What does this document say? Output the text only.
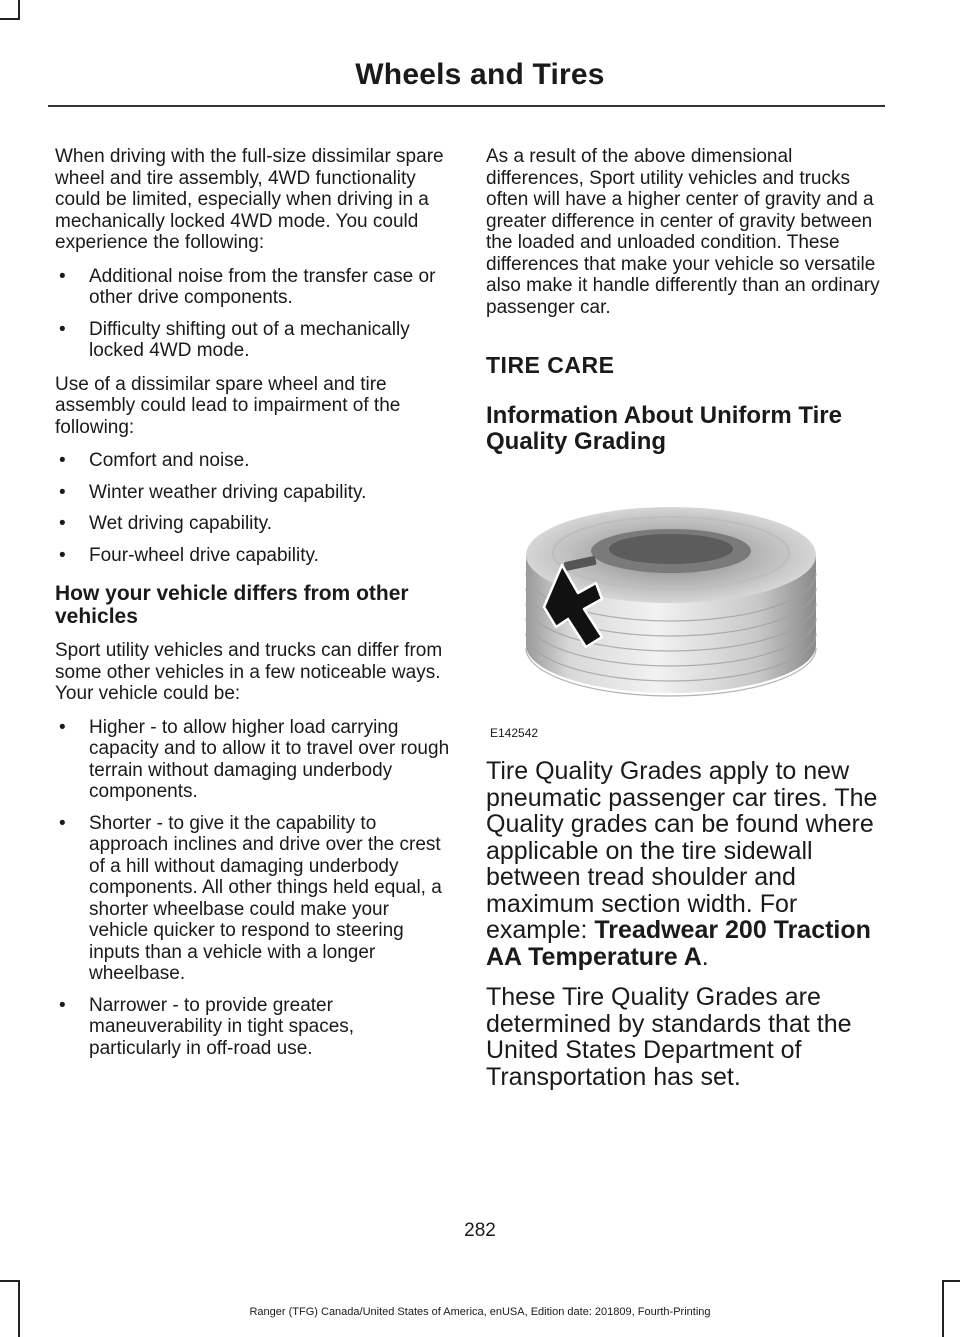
Wheels and Tires

When driving with the full-size dissimilar spare wheel and tire assembly, 4WD functionality could be limited, especially when driving in a mechanically locked 4WD mode. You could experience the following:

• Additional noise from the transfer case or other drive components.
• Difficulty shifting out of a mechanically locked 4WD mode.

Use of a dissimilar spare wheel and tire assembly could lead to impairment of the following:

• Comfort and noise.
• Winter weather driving capability.
• Wet driving capability.
• Four-wheel drive capability.
How your vehicle differs from other vehicles

Sport utility vehicles and trucks can differ from some other vehicles in a few noticeable ways. Your vehicle could be:

• Higher - to allow higher load carrying capacity and to allow it to travel over rough terrain without damaging underbody components.
• Shorter - to give it the capability to approach inclines and drive over the crest of a hill without damaging underbody components. All other things held equal, a shorter wheelbase could make your vehicle quicker to respond to steering inputs than a vehicle with a longer wheelbase.
• Narrower - to provide greater maneuverability in tight spaces, particularly in off-road use.

As a result of the above dimensional differences, Sport utility vehicles and trucks often will have a higher center of gravity and a greater difference in center of gravity between the loaded and unloaded condition. These differences that make your vehicle so versatile also make it handle differently than an ordinary passenger car.

TIRE CARE
Information About Uniform Tire Quality Grading
E142542

Tire Quality Grades apply to new pneumatic passenger car tires. The Quality grades can be found where applicable on the tire sidewall between tread shoulder and maximum section width. For example: Treadwear 200 Traction AA Temperature A.

These Tire Quality Grades are determined by standards that the United States Department of Transportation has set.

282
Ranger (TFG) Canada/United States of America, enUSA, Edition date: 201809, Fourth-Printing
